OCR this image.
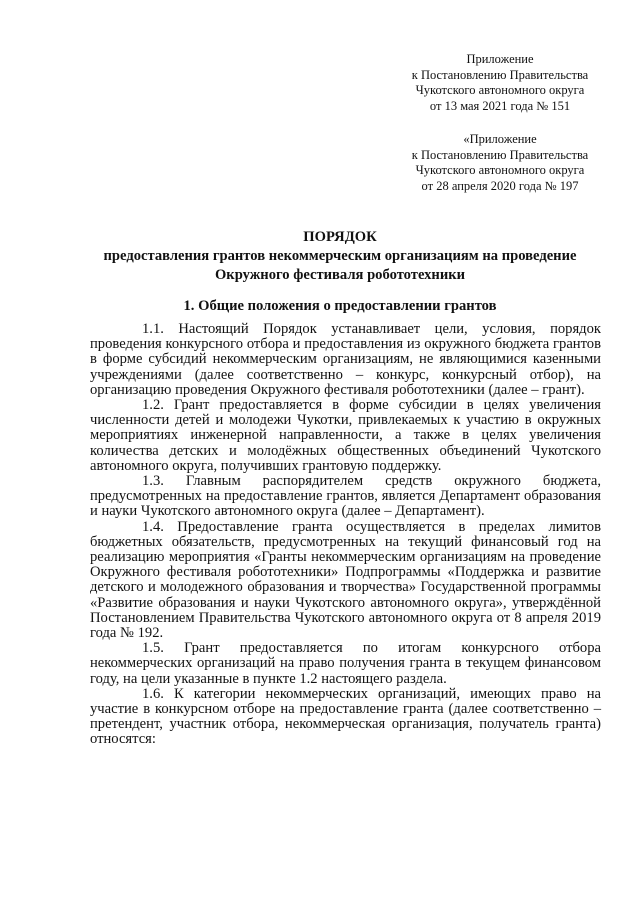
Приложение
к Постановлению Правительства
Чукотского автономного округа
от 13 мая 2021 года № 151
«Приложение
к Постановлению Правительства
Чукотского автономного округа
от 28 апреля 2020 года № 197
ПОРЯДОК
предоставления грантов некоммерческим организациям на проведение
Окружного фестиваля робототехники
1. Общие положения о предоставлении грантов

1.1. Настоящий Порядок устанавливает цели, условия, порядок проведения конкурсного отбора и предоставления из окружного бюджета грантов в форме субсидий некоммерческим организациям, не являющимися казенными учреждениями (далее соответственно – конкурс, конкурсный отбор), на организацию проведения Окружного фестиваля робототехники (далее – грант).

1.2. Грант предоставляется в форме субсидии в целях увеличения численности детей и молодежи Чукотки, привлекаемых к участию в окружных мероприятиях инженерной направленности, а также в целях увеличения количества детских и молодёжных общественных объединений Чукотского автономного округа, получивших грантовую поддержку.

1.3. Главным распорядителем средств окружного бюджета, предусмотренных на предоставление грантов, является Департамент образования и науки Чукотского автономного округа (далее – Департамент).

1.4. Предоставление гранта осуществляется в пределах лимитов бюджетных обязательств, предусмотренных на текущий финансовый год на реализацию мероприятия «Гранты некоммерческим организациям на проведение Окружного фестиваля робототехники» Подпрограммы «Поддержка и развитие детского и молодежного образования и творчества» Государственной программы «Развитие образования и науки Чукотского автономного округа», утверждённой Постановлением Правительства Чукотского автономного округа от 8 апреля 2019 года № 192.

1.5. Грант предоставляется по итогам конкурсного отбора некоммерческих организаций на право получения гранта в текущем финансовом году, на цели указанные в пункте 1.2 настоящего раздела.

1.6. К категории некоммерческих организаций, имеющих право на участие в конкурсном отборе на предоставление гранта (далее соответственно – претендент, участник отбора, некоммерческая организация, получатель гранта) относятся:
